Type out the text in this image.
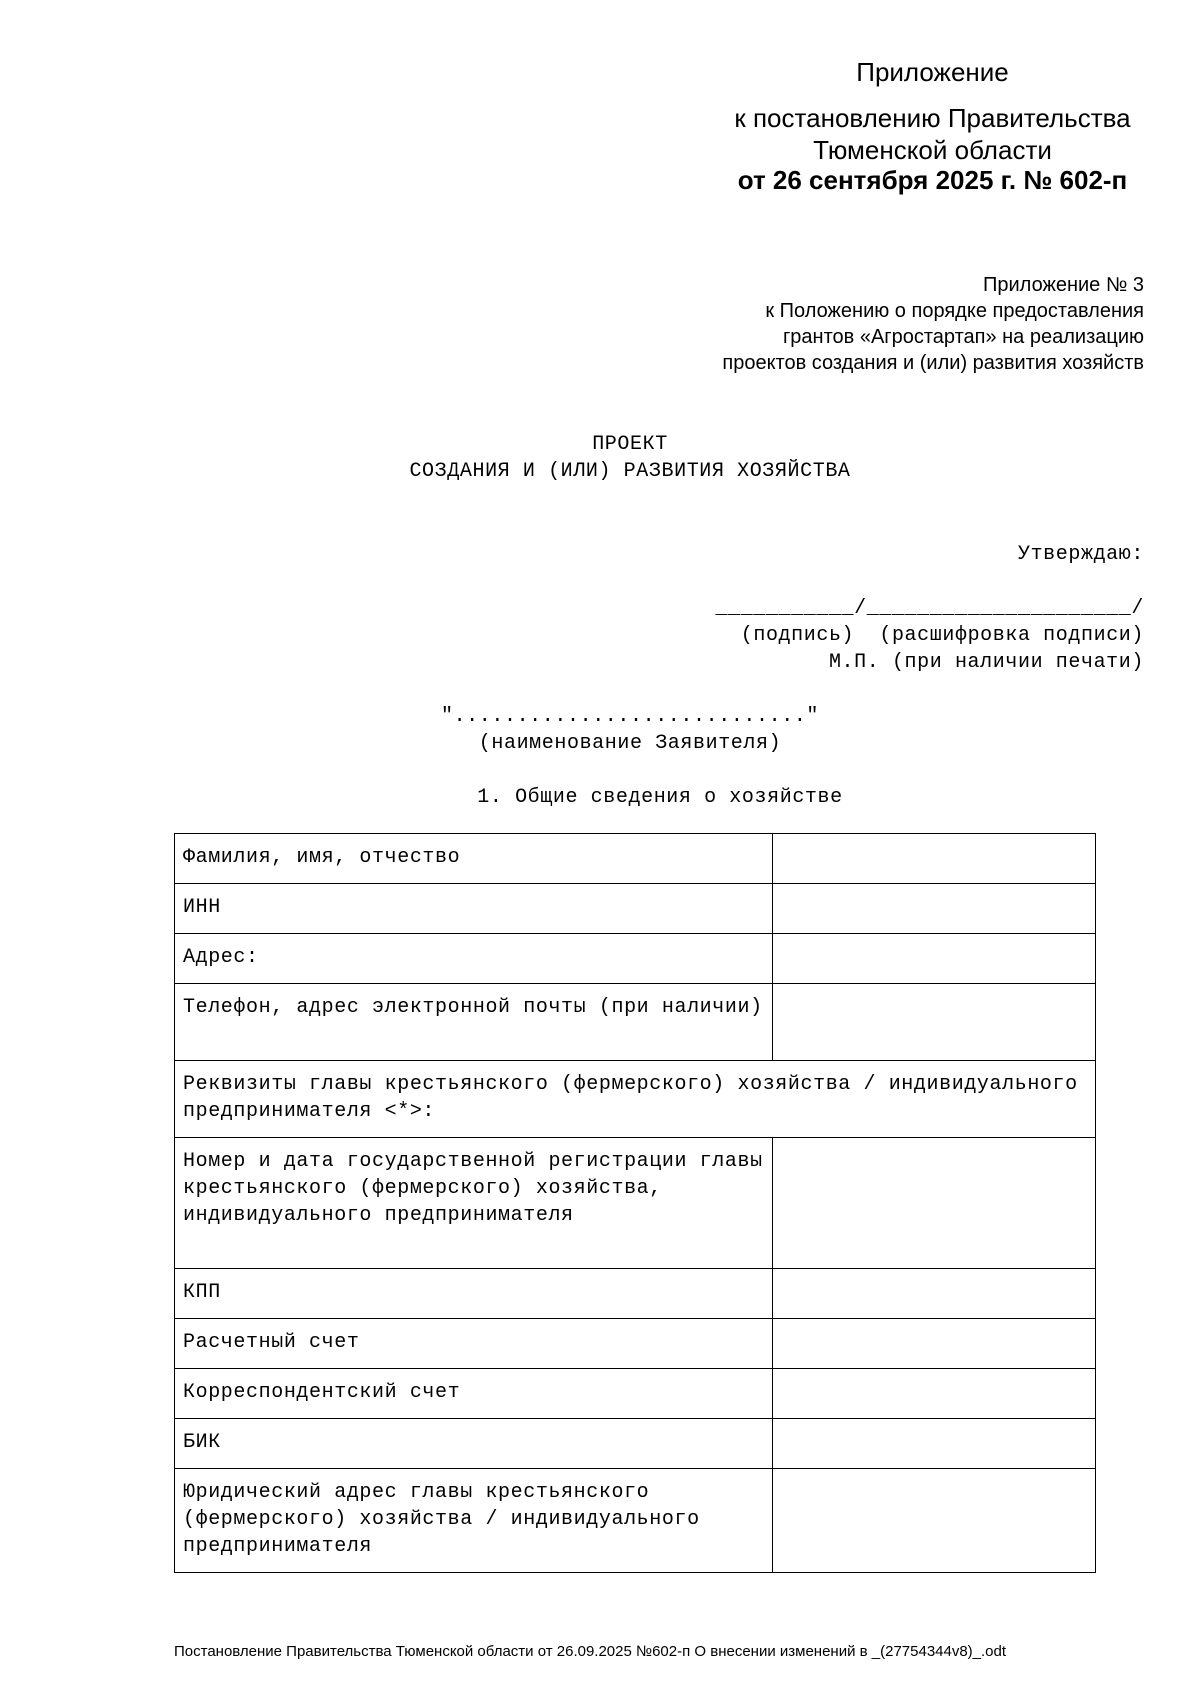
Приложение
к постановлению Правительства
Тюменской области
от 26 сентября 2025 г. № 602-п
Приложение № 3
к Положению о порядке предоставления
грантов «Агростартап» на реализацию
проектов создания и (или) развития хозяйств
ПРОЕКТ
СОЗДАНИЯ И (ИЛИ) РАЗВИТИЯ ХОЗЯЙСТВА
Утверждаю:
___________/_____________________/
(подпись)  (расшифровка подписи)
М.П. (при наличии печати)
"............................"
(наименование Заявителя)
1. Общие сведения о хозяйстве
Фамилия, имя, отчество	
ИНН	
Адрес:	
Телефон, адрес электронной почты (при наличии)	
Реквизиты главы крестьянского (фермерского) хозяйства / индивидуального предпринимателя <*>:	
Номер и дата государственной регистрации главы крестьянского (фермерского) хозяйства, индивидуального предпринимателя	
КПП	
Расчетный счет	
Корреспондентский счет	
БИК	
Юридический адрес главы крестьянского (фермерского) хозяйства / индивидуального предпринимателя	
Постановление Правительства Тюменской области от 26.09.2025 №602-п О внесении изменений в _(27754344v8)_.odt
